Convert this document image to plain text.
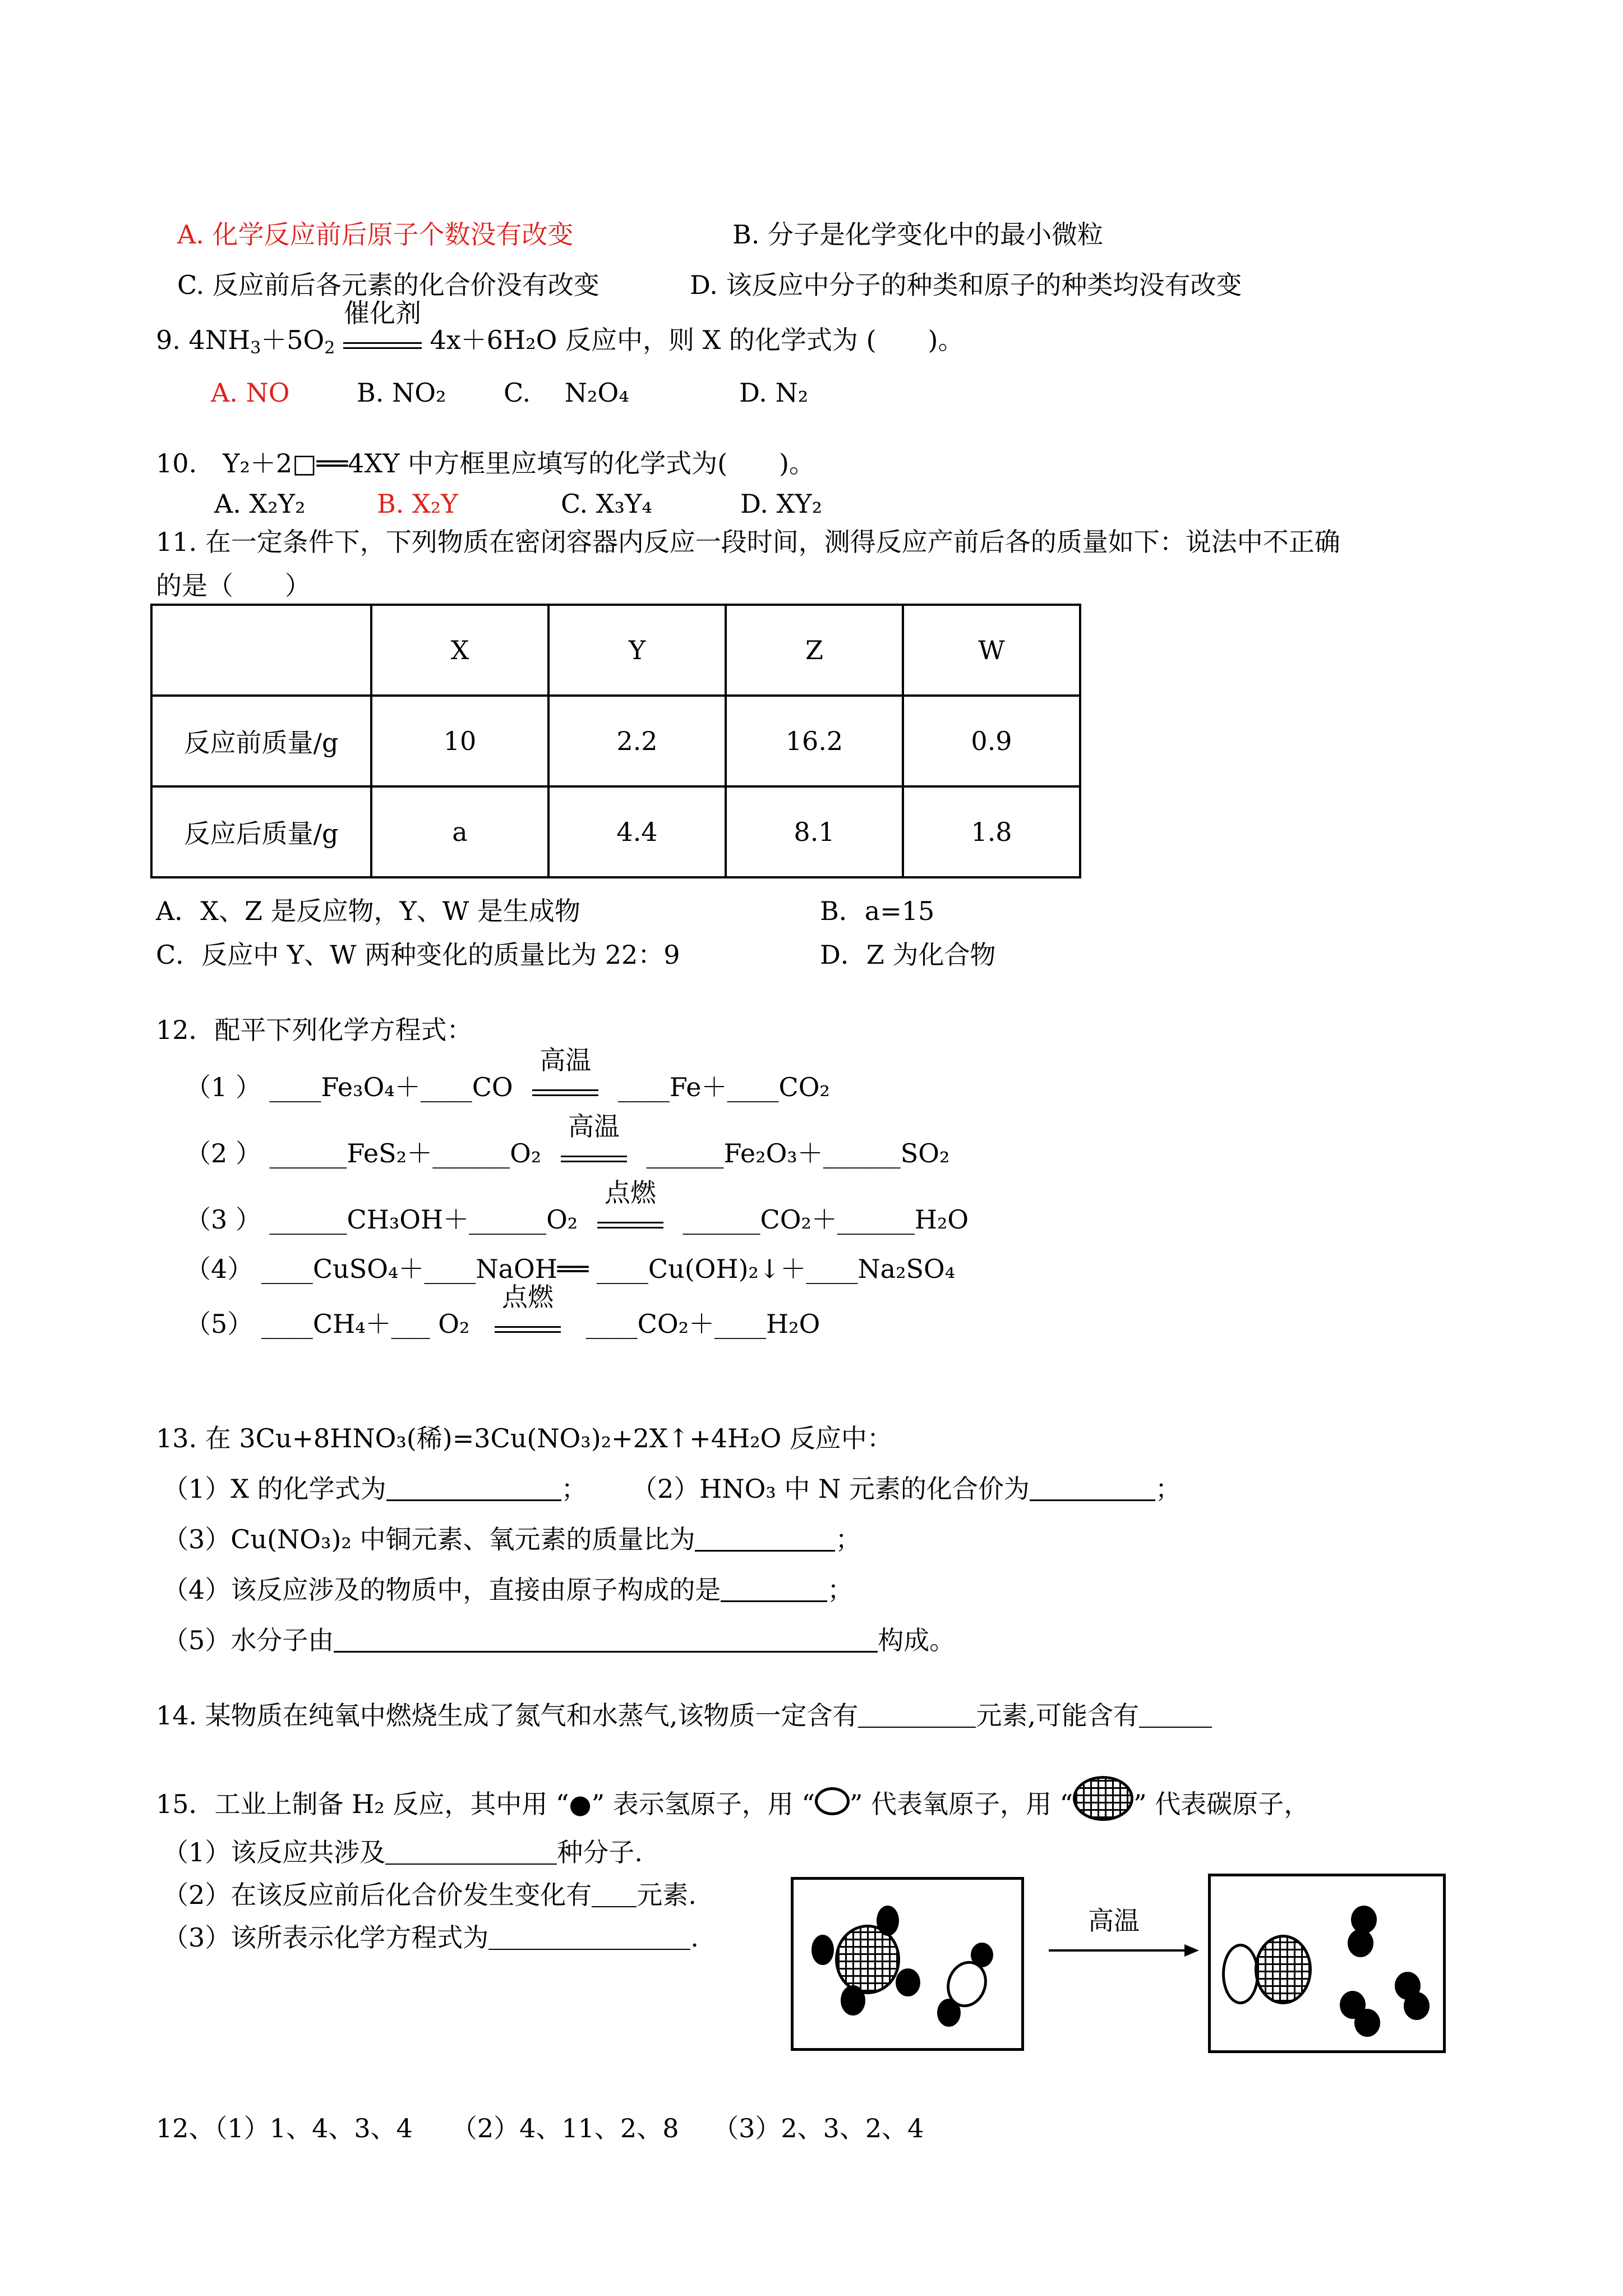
A. 化学反应前后原子个数没有改变	B. 分子是化学变化中的最小微粒
C. 反应前后各元素的化合价没有改变	D. 该反应中分子的种类和原子的种类均没有改变
9. $4NH_3+5O_2$
催化剂
4x＋6H₂O 反应中，则 X 的化学式为 (　　)。
A. NO	B. NO₂ C.　 N₂O₄	D. N₂
10.　Y₂＋2□══4XY 中方框里应填写的化学式为(　　)。
A. X₂Y₂	B. X₂Y	C. X₃Y₄	D. XY₂
11. 在一定条件下，下列物质在密闭容器内反应一段时间，测得反应产前后各的质量如下：说法中不正确
的是（　　）
	X	Y	Z	W
反应前质量/g	10	2.2	16.2	0.9
反应后质量/g	a	4.4	8.1	1.8
A．X、Z 是反应物，Y、W 是生成物	B．a=15
C．反应中 Y、W 两种变化的质量比为 22：9	D．Z 为化合物
12．配平下列化学方程式：
（1 ） ____Fe₃O₄＋____CO
高温
____Fe＋____CO₂
（2 ） ______FeS₂＋______O₂
高温
______Fe₂O₃＋______SO₂
（3 ） ______CH₃OH＋______O₂
点燃
______CO₂＋______H₂O
（4） ____CuSO₄＋____NaOH══ ____Cu(OH)₂↓＋____Na₂SO₄
（5） ____CH₄＋___ O₂
点燃
____CO₂＋____H₂O
13. 在 3Cu+8HNO₃(稀)=3Cu(NO₃)₂+2X↑+4H₂O 反应中：
（1）X 的化学式为	； （2）HNO₃ 中 N 元素的化合价为	；
（3）Cu(NO₃)₂ 中铜元素、氧元素的质量比为	；
（4）该反应涉及的物质中，直接由原子构成的是	；
（5）水分子由	构成。
14. 某物质在纯氧中燃烧生成了氮气和水蒸气,该物质一定含有	元素,可能含有
15．工业上制备 H₂ 反应，其中用 “●” 表示氢原子，用 “ ” 代表氧原子，用 “ ” 代表碳原子，
（1）该反应共涉及	种分子.
（2）在该反应前后化合价发生变化有 元素.
（3）该所表示化学方程式为	.
高温
12、（1）1、4、3、4　　（2）4、11、2、8　 （3）2、3、2、4
